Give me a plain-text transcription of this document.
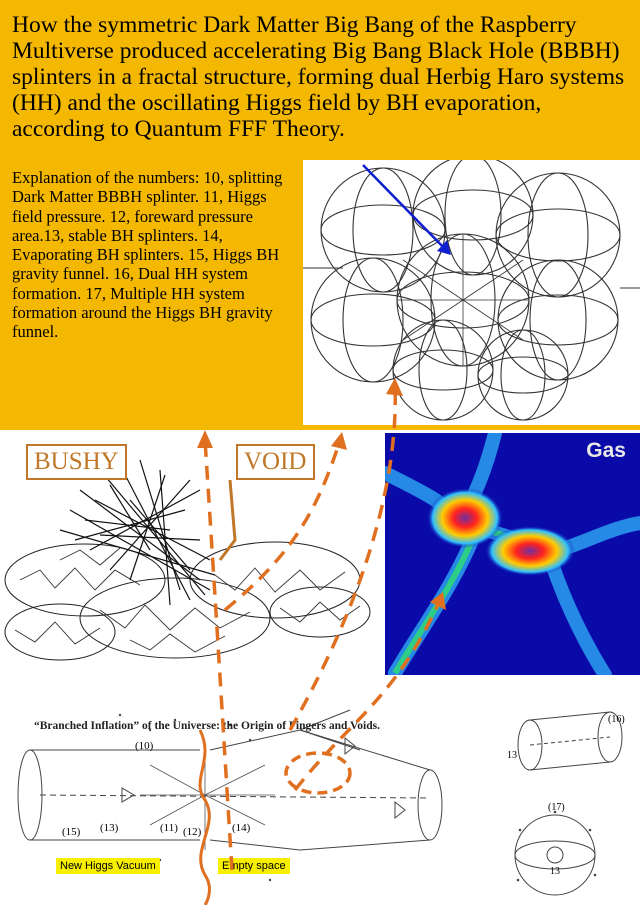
How the symmetric Dark Matter Big Bang of the Raspberry Multiverse produced accelerating Big Bang Black Hole (BBBH) splinters in a fractal structure, forming dual Herbig Haro systems (HH) and the oscillating Higgs field by BH evaporation, according to Quantum FFF Theory.
Explanation of the numbers: 10, splitting Dark Matter BBBH splinter. 11, Higgs field pressure. 12, foreward pressure area.13, stable BH splinters. 14, Evaporating BH splinters. 15, Higgs BH gravity funnel. 16, Dual HH system formation. 17, Multiple HH system formation around the Higgs BH gravity funnel.
BUSHY	VOID	Gas
“Branched Inflation” of the Universe: the Origin of Fingers and Voids.
New Higgs Vacuum	Empty space
(10)
(15) (13)	(11) (12)	(14)
(16)
13
(17)
13
